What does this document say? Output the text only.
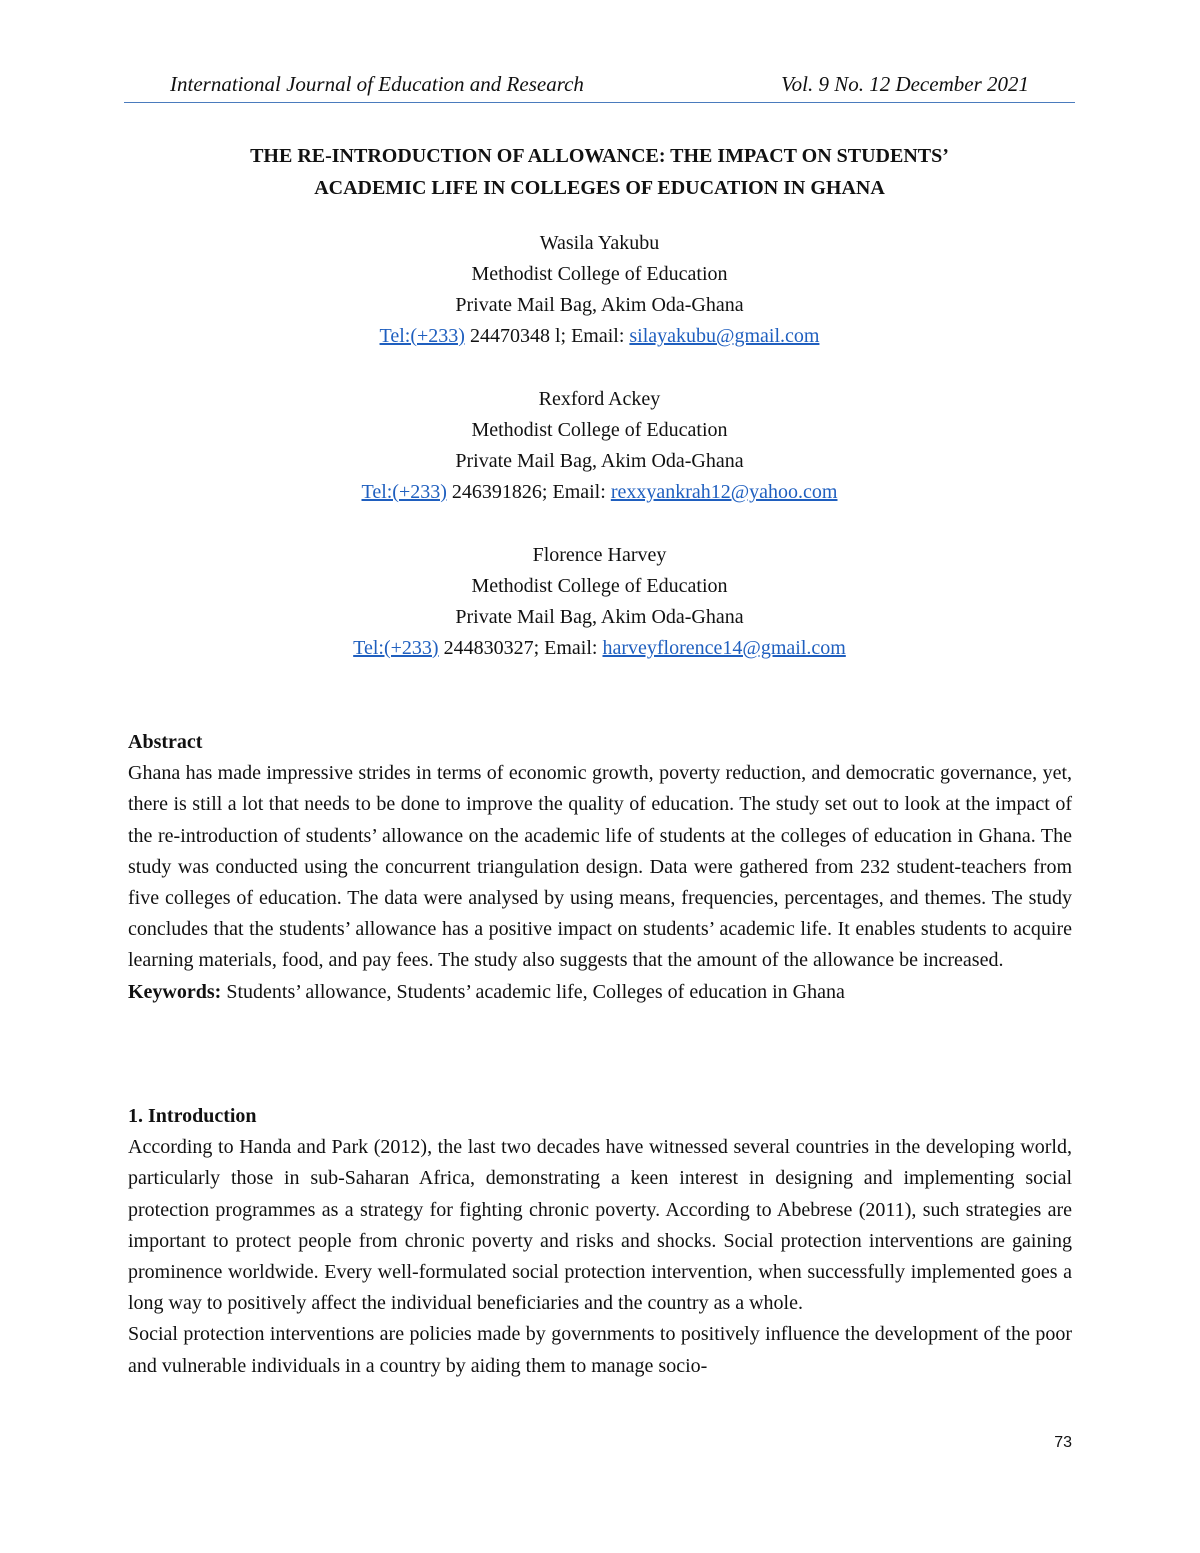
International Journal of Education and Research	Vol. 9 No. 12 December 2021
THE RE-INTRODUCTION OF ALLOWANCE: THE IMPACT ON STUDENTS’
ACADEMIC LIFE IN COLLEGES OF EDUCATION IN GHANA
Wasila Yakubu
Methodist College of Education
Private Mail Bag, Akim Oda-Ghana
Tel:(+233) 24470348 l; Email: silayakubu@gmail.com
Rexford Ackey
Methodist College of Education
Private Mail Bag, Akim Oda-Ghana
Tel:(+233) 246391826; Email: rexxyankrah12@yahoo.com
Florence Harvey
Methodist College of Education
Private Mail Bag, Akim Oda-Ghana
Tel:(+233) 244830327; Email: harveyflorence14@gmail.com
Abstract

Ghana has made impressive strides in terms of economic growth, poverty reduction, and democratic governance, yet, there is still a lot that needs to be done to improve the quality of education. The study set out to look at the impact of the re-introduction of students’ allowance on the academic life of students at the colleges of education in Ghana. The study was conducted using the concurrent triangulation design. Data were gathered from 232 student-teachers from five colleges of education. The data were analysed by using means, frequencies, percentages, and themes. The study concludes that the students’ allowance has a positive impact on students’ academic life. It enables students to acquire learning materials, food, and pay fees. The study also suggests that the amount of the allowance be increased.

Keywords: Students’ allowance, Students’ academic life, Colleges of education in Ghana

1. Introduction

According to Handa and Park (2012), the last two decades have witnessed several countries in the developing world, particularly those in sub-Saharan Africa, demonstrating a keen interest in designing and implementing social protection programmes as a strategy for fighting chronic poverty. According to Abebrese (2011), such strategies are important to protect people from chronic poverty and risks and shocks. Social protection interventions are gaining prominence worldwide. Every well-formulated social protection intervention, when successfully implemented goes a long way to positively affect the individual beneficiaries and the country as a whole.

Social protection interventions are policies made by governments to positively influence the development of the poor and vulnerable individuals in a country by aiding them to manage socio-

73
